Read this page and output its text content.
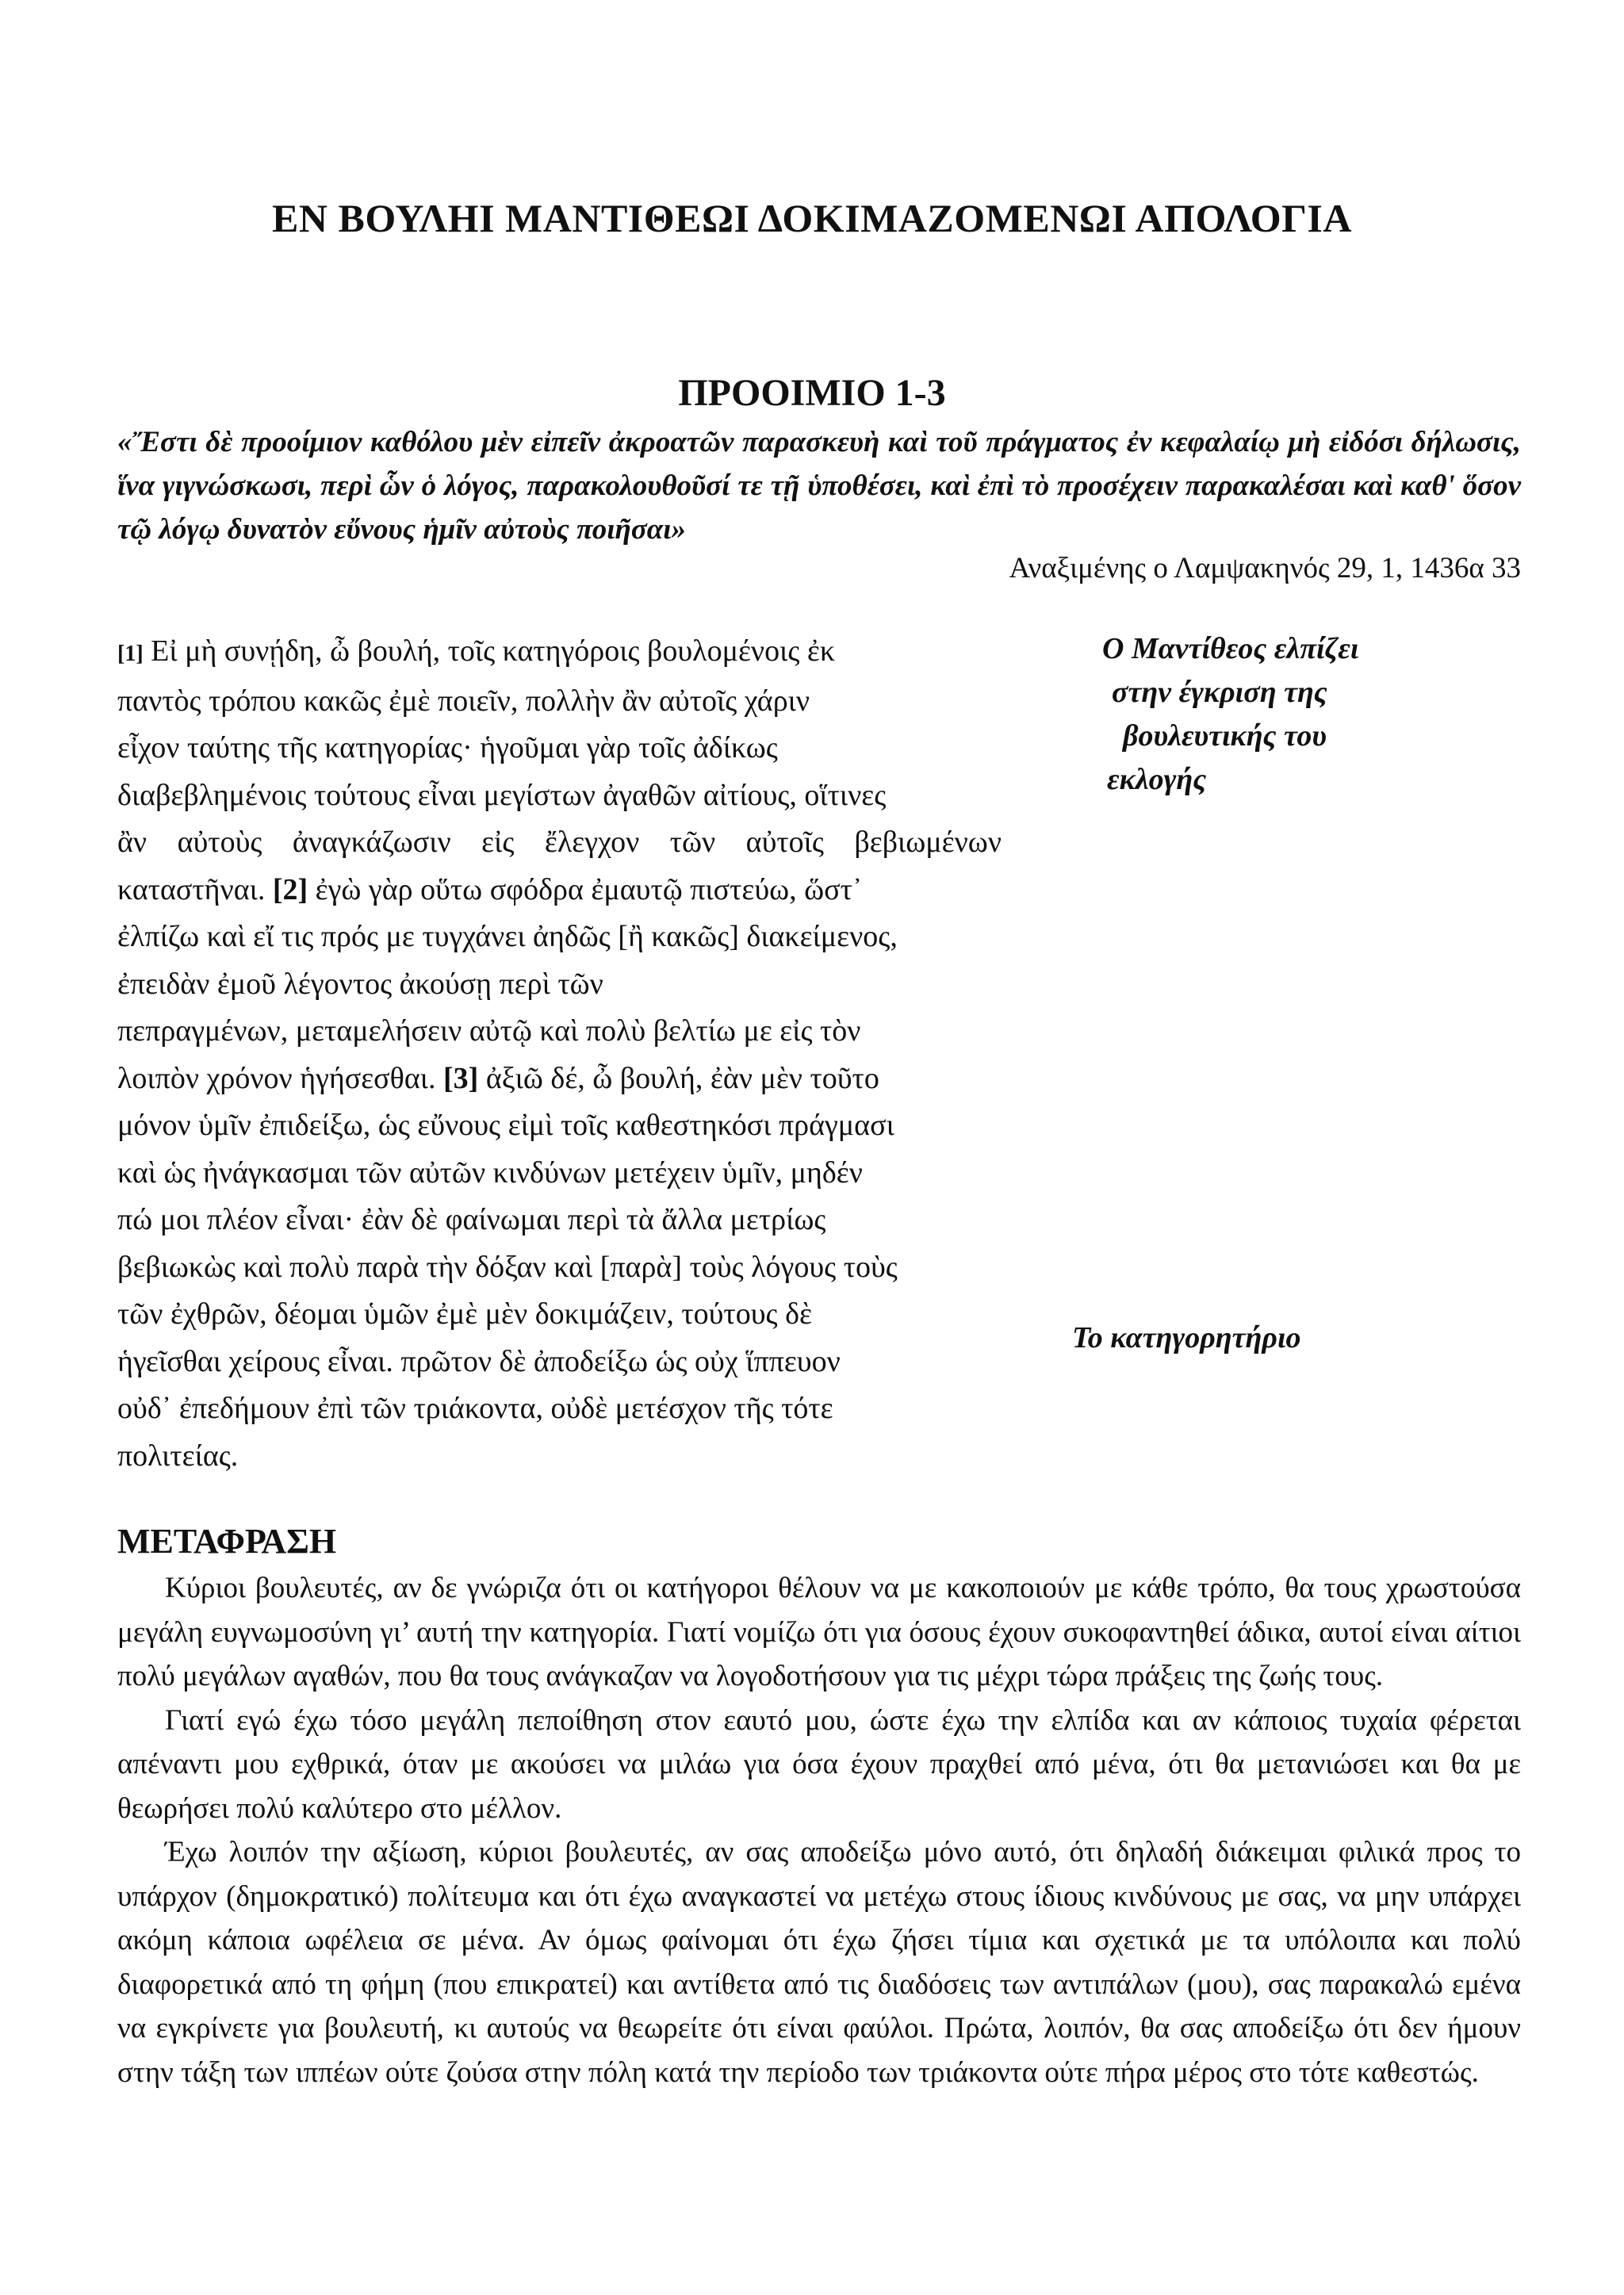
ΕΝ ΒΟΥΛΗΙ ΜΑΝΤΙΘΕΩΙ ΔΟΚΙΜΑΖΟΜΕΝΩΙ ΑΠΟΛΟΓΙΑ
ΠΡΟΟΙΜΙΟ 1-3
«Ἔστι δὲ προοίμιον καθόλου μὲν εἰπεῖν ἀκροατῶν παρασκευὴ καὶ τοῦ πράγματος ἐν κεφαλαίῳ μὴ εἰδόσι δήλωσις, ἵνα γιγνώσκωσι, περὶ ὧν ὁ λόγος, παρακολουθοῦσί τε τῇ ὑποθέσει, καὶ ἐπὶ τὸ προσέχειν παρακαλέσαι καὶ καθ' ὅσον τῷ λόγῳ δυνατὸν εὔνους ἡμῖν αὐτοὺς ποιῆσαι»
Αναξιμένης ο Λαμψακηνός 29, 1, 1436α 33
[1] Εἰ μὴ συνῄδη, ὦ βουλή, τοῖς κατηγόροις βουλομένοις ἐκ
παντὸς τρόπου κακῶς ἐμὲ ποιεῖν, πολλὴν ἂν αὐτοῖς χάριν
εἶχον ταύτης τῆς κατηγορίας· ἡγοῦμαι γὰρ τοῖς ἀδίκως
διαβεβλημένοις τούτους εἶναι μεγίστων ἀγαθῶν αἰτίους, οἵτινες
ἂν αὐτοὺς ἀναγκάζωσιν εἰς ἔλεγχον τῶν αὐτοῖς βεβιωμένων
καταστῆναι. [2] ἐγὼ γὰρ οὕτω σφόδρα ἐμαυτῷ πιστεύω, ὥστ᾽
ἐλπίζω καὶ εἴ τις πρός με τυγχάνει ἀηδῶς [ἢ κακῶς] διακείμενος,
ἐπειδὰν ἐμοῦ λέγοντος ἀκούσῃ περὶ τῶν
πεπραγμένων, μεταμελήσειν αὐτῷ καὶ πολὺ βελτίω με εἰς τὸν
λοιπὸν χρόνον ἡγήσεσθαι. [3] ἀξιῶ δέ, ὦ βουλή, ἐὰν μὲν τοῦτο
μόνον ὑμῖν ἐπιδείξω, ὡς εὔνους εἰμὶ τοῖς καθεστηκόσι πράγμασι
καὶ ὡς ἠνάγκασμαι τῶν αὐτῶν κινδύνων μετέχειν ὑμῖν, μηδέν
πώ μοι πλέον εἶναι· ἐὰν δὲ φαίνωμαι περὶ τὰ ἄλλα μετρίως
βεβιωκὼς καὶ πολὺ παρὰ τὴν δόξαν καὶ [παρὰ] τοὺς λόγους τοὺς
τῶν ἐχθρῶν, δέομαι ὑμῶν ἐμὲ μὲν δοκιμάζειν, τούτους δὲ
ἡγεῖσθαι χείρους εἶναι. πρῶτον δὲ ἀποδείξω ὡς οὐχ ἵππευον
οὐδ᾽ ἐπεδήμουν ἐπὶ τῶν τριάκοντα, οὐδὲ μετέσχον τῆς τότε
πολιτείας.
Ο Μαντίθεος ελπίζει
στην έγκριση της
βουλευτικής του
εκλογής
Το κατηγορητήριο
ΜΕΤΑΦΡΑΣΗ

Κύριοι βουλευτές, αν δε γνώριζα ότι οι κατήγοροι θέλουν να με κακοποιούν με κάθε τρόπο, θα τους χρωστούσα μεγάλη ευγνωμοσύνη γι’ αυτή την κατηγορία. Γιατί νομίζω ότι για όσους έχουν συκοφαντηθεί άδικα, αυτοί είναι αίτιοι πολύ μεγάλων αγαθών, που θα τους ανάγκαζαν να λογοδοτήσουν για τις μέχρι τώρα πράξεις της ζωής τους.

Γιατί εγώ έχω τόσο μεγάλη πεποίθηση στον εαυτό μου, ώστε έχω την ελπίδα και αν κάποιος τυχαία φέρεται απέναντι μου εχθρικά, όταν με ακούσει να μιλάω για όσα έχουν πραχθεί από μένα, ότι θα μετανιώσει και θα με θεωρήσει πολύ καλύτερο στο μέλλον.

Έχω λοιπόν την αξίωση, κύριοι βουλευτές, αν σας αποδείξω μόνο αυτό, ότι δηλαδή διάκειμαι φιλικά προς το υπάρχον (δημοκρατικό) πολίτευμα και ότι έχω αναγκαστεί να μετέχω στους ίδιους κινδύνους με σας, να μην υπάρχει ακόμη κάποια ωφέλεια σε μένα. Αν όμως φαίνομαι ότι έχω ζήσει τίμια και σχετικά με τα υπόλοιπα και πολύ διαφορετικά από τη φήμη (που επικρατεί) και αντίθετα από τις διαδόσεις των αντιπάλων (μου), σας παρακαλώ εμένα να εγκρίνετε για βουλευτή, κι αυτούς να θεωρείτε ότι είναι φαύλοι. Πρώτα, λοιπόν, θα σας αποδείξω ότι δεν ήμουν στην τάξη των ιππέων ούτε ζούσα στην πόλη κατά την περίοδο των τριάκοντα ούτε πήρα μέρος στο τότε καθεστώς.
